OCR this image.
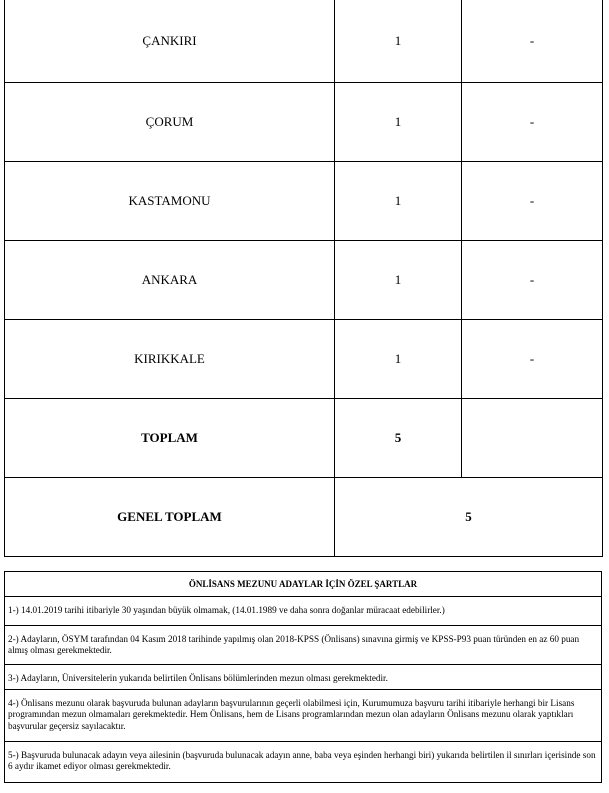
ÇANKIRI	1	-
ÇORUM	1	-
KASTAMONU	1	-
ANKARA	1	-
KIRIKKALE	1	-
TOPLAM	5	
GENEL TOPLAM	5	
ÖNLİSANS MEZUNU ADAYLAR İÇİN ÖZEL ŞARTLAR
1-) 14.01.2019 tarihi itibariyle 30 yaşından büyük olmamak, (14.01.1989 ve daha sonra doğanlar müracaat edebilirler.)
2-) Adayların, ÖSYM tarafından 04 Kasım 2018 tarihinde yapılmış olan 2018-KPSS (Önlisans) sınavına girmiş ve KPSS-P93 puan türünden en az 60 puan almış olması gerekmektedir.
3-) Adayların, Üniversitelerin yukarıda belirtilen Önlisans bölümlerinden mezun olması gerekmektedir.
4-) Önlisans mezunu olarak başvuruda bulunan adayların başvurularının geçerli olabilmesi için, Kurumumuza başvuru tarihi itibariyle herhangi bir Lisans programından mezun olmamaları gerekmektedir. Hem Önlisans, hem de Lisans programlarından mezun olan adayların Önlisans mezunu olarak yaptıkları başvurular geçersiz sayılacaktır.
5-) Başvuruda bulunacak adayın veya ailesinin (başvuruda bulunacak adayın anne, baba veya eşinden herhangi biri) yukarıda belirtilen il sınırları içerisinde son 6 aydır ikamet ediyor olması gerekmektedir.
